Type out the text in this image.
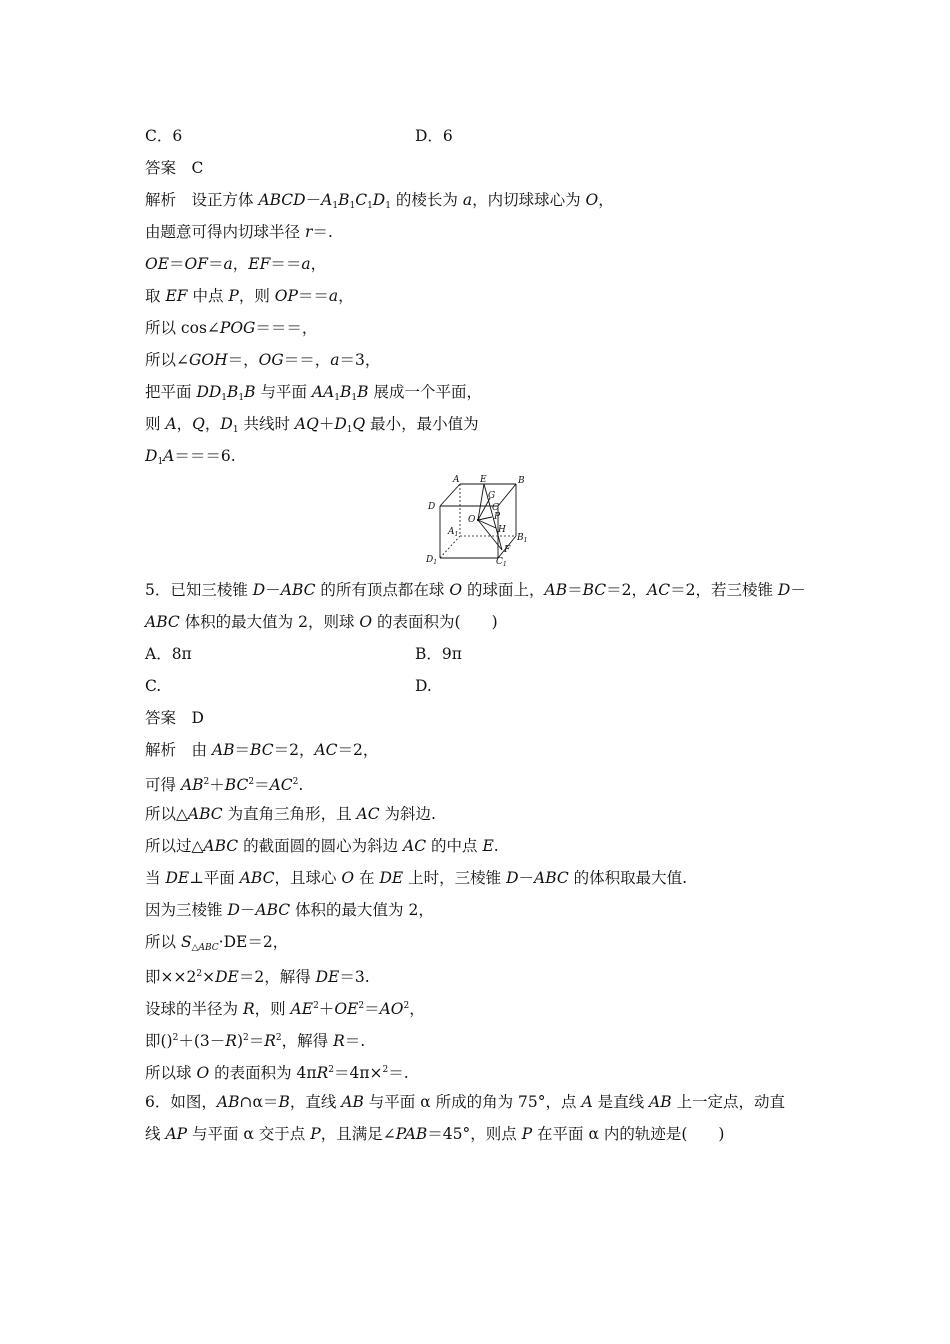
C．6	D．6
答案　C
解析　设正方体 $ABCD-A_1B_1C_1D_1$ 的棱长为 a，内切球球心为 O，
由题意可得内切球半径 r＝.
OE＝OF＝a，EF＝＝a，
取 EF 中点 P，则 OP＝＝a，
所以 cos∠POG＝＝＝，
所以∠GOH＝，OG＝＝，a＝3，
把平面 $DD_1B_1B$ 与平面 $AA_1B_1B$ 展成一个平面，
则 A，Q，$D_1$ 共线时 $AQ+D_1Q$ 最小，最小值为
$D_1A===6$.
A E	B
D
G
C
O P
$A_1$	H
$B_1$
$D_1$
F
$C_1$
5．已知三棱锥 D－ABC 的所有顶点都在球 O 的球面上，AB＝BC＝2，AC＝2，若三棱锥 D－
ABC 体积的最大值为 2，则球 O 的表面积为(　　)
A．8π	B．9π
C.	D.
答案　D
解析　由 AB＝BC＝2，AC＝2，
可得 $AB^2+BC^2=AC^2$.
所以△ABC 为直角三角形，且 AC 为斜边.
所以过△ABC 的截面圆的圆心为斜边 AC 的中点 E.
当 DE⊥平面 ABC，且球心 O 在 DE 上时，三棱锥 D－ABC 的体积取最大值.
因为三棱锥 D－ABC 体积的最大值为 2，
所以 $S_{\triangle ABC}\cdot DE=2$，
即$\times\times 2^2\times DE=2$，解得 DE＝3.
设球的半径为 R，则 $AE^2+OE^2=AO^2$，
即$()^2+(3-R)^2=R^2$，解得 R＝.
所以球 O 的表面积为 $4\pi R^2=4\pi\times^2=$.
6．如图，AB∩α＝B，直线 AB 与平面 α 所成的角为 75°，点 A 是直线 AB 上一定点，动直
线 AP 与平面 α 交于点 P，且满足∠PAB＝45°，则点 P 在平面 α 内的轨迹是(　　)
